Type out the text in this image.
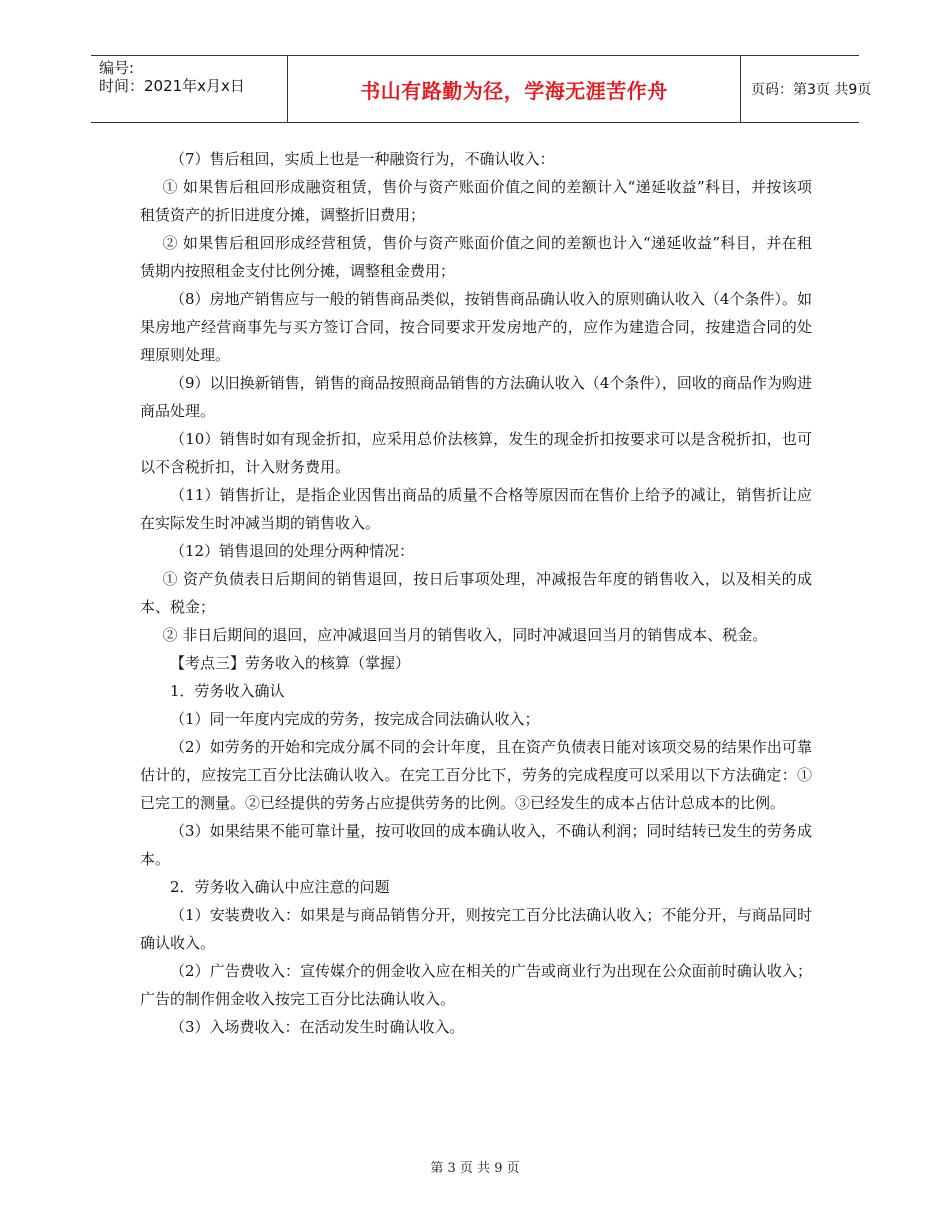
编号:
时间：2021年x月x日	书山有路勤为径，学海无涯苦作舟	页码：第3页 共9页

（7）售后租回，实质上也是一种融资行为，不确认收入：

① 如果售后租回形成融资租赁，售价与资产账面价值之间的差额计入“递延收益”科目，并按该项租赁资产的折旧进度分摊，调整折旧费用；

② 如果售后租回形成经营租赁，售价与资产账面价值之间的差额也计入“递延收益”科目，并在租赁期内按照租金支付比例分摊，调整租金费用；

（8）房地产销售应与一般的销售商品类似，按销售商品确认收入的原则确认收入（4个条件）。如果房地产经营商事先与买方签订合同，按合同要求开发房地产的，应作为建造合同，按建造合同的处理原则处理。

（9）以旧换新销售，销售的商品按照商品销售的方法确认收入（4个条件），回收的商品作为购进商品处理。

（10）销售时如有现金折扣，应采用总价法核算，发生的现金折扣按要求可以是含税折扣，也可以不含税折扣，计入财务费用。

（11）销售折让，是指企业因售出商品的质量不合格等原因而在售价上给予的减让，销售折让应在实际发生时冲减当期的销售收入。

（12）销售退回的处理分两种情况：

① 资产负债表日后期间的销售退回，按日后事项处理，冲减报告年度的销售收入，以及相关的成本、税金；

② 非日后期间的退回，应冲减退回当月的销售收入，同时冲减退回当月的销售成本、税金。

【考点三】劳务收入的核算（掌握）

1．劳务收入确认

（1）同一年度内完成的劳务，按完成合同法确认收入；

（2）如劳务的开始和完成分属不同的会计年度，且在资产负债表日能对该项交易的结果作出可靠估计的，应按完工百分比法确认收入。在完工百分比下，劳务的完成程度可以采用以下方法确定：①已完工的测量。②已经提供的劳务占应提供劳务的比例。③已经发生的成本占估计总成本的比例。

（3）如果结果不能可靠计量，按可收回的成本确认收入，不确认利润；同时结转已发生的劳务成本。

2．劳务收入确认中应注意的问题

（1）安装费收入：如果是与商品销售分开，则按完工百分比法确认收入；不能分开，与商品同时确认收入。

（2）广告费收入：宣传媒介的佣金收入应在相关的广告或商业行为出现在公众面前时确认收入；广告的制作佣金收入按完工百分比法确认收入。

（3）入场费收入：在活动发生时确认收入。

第 3 页 共 9 页
